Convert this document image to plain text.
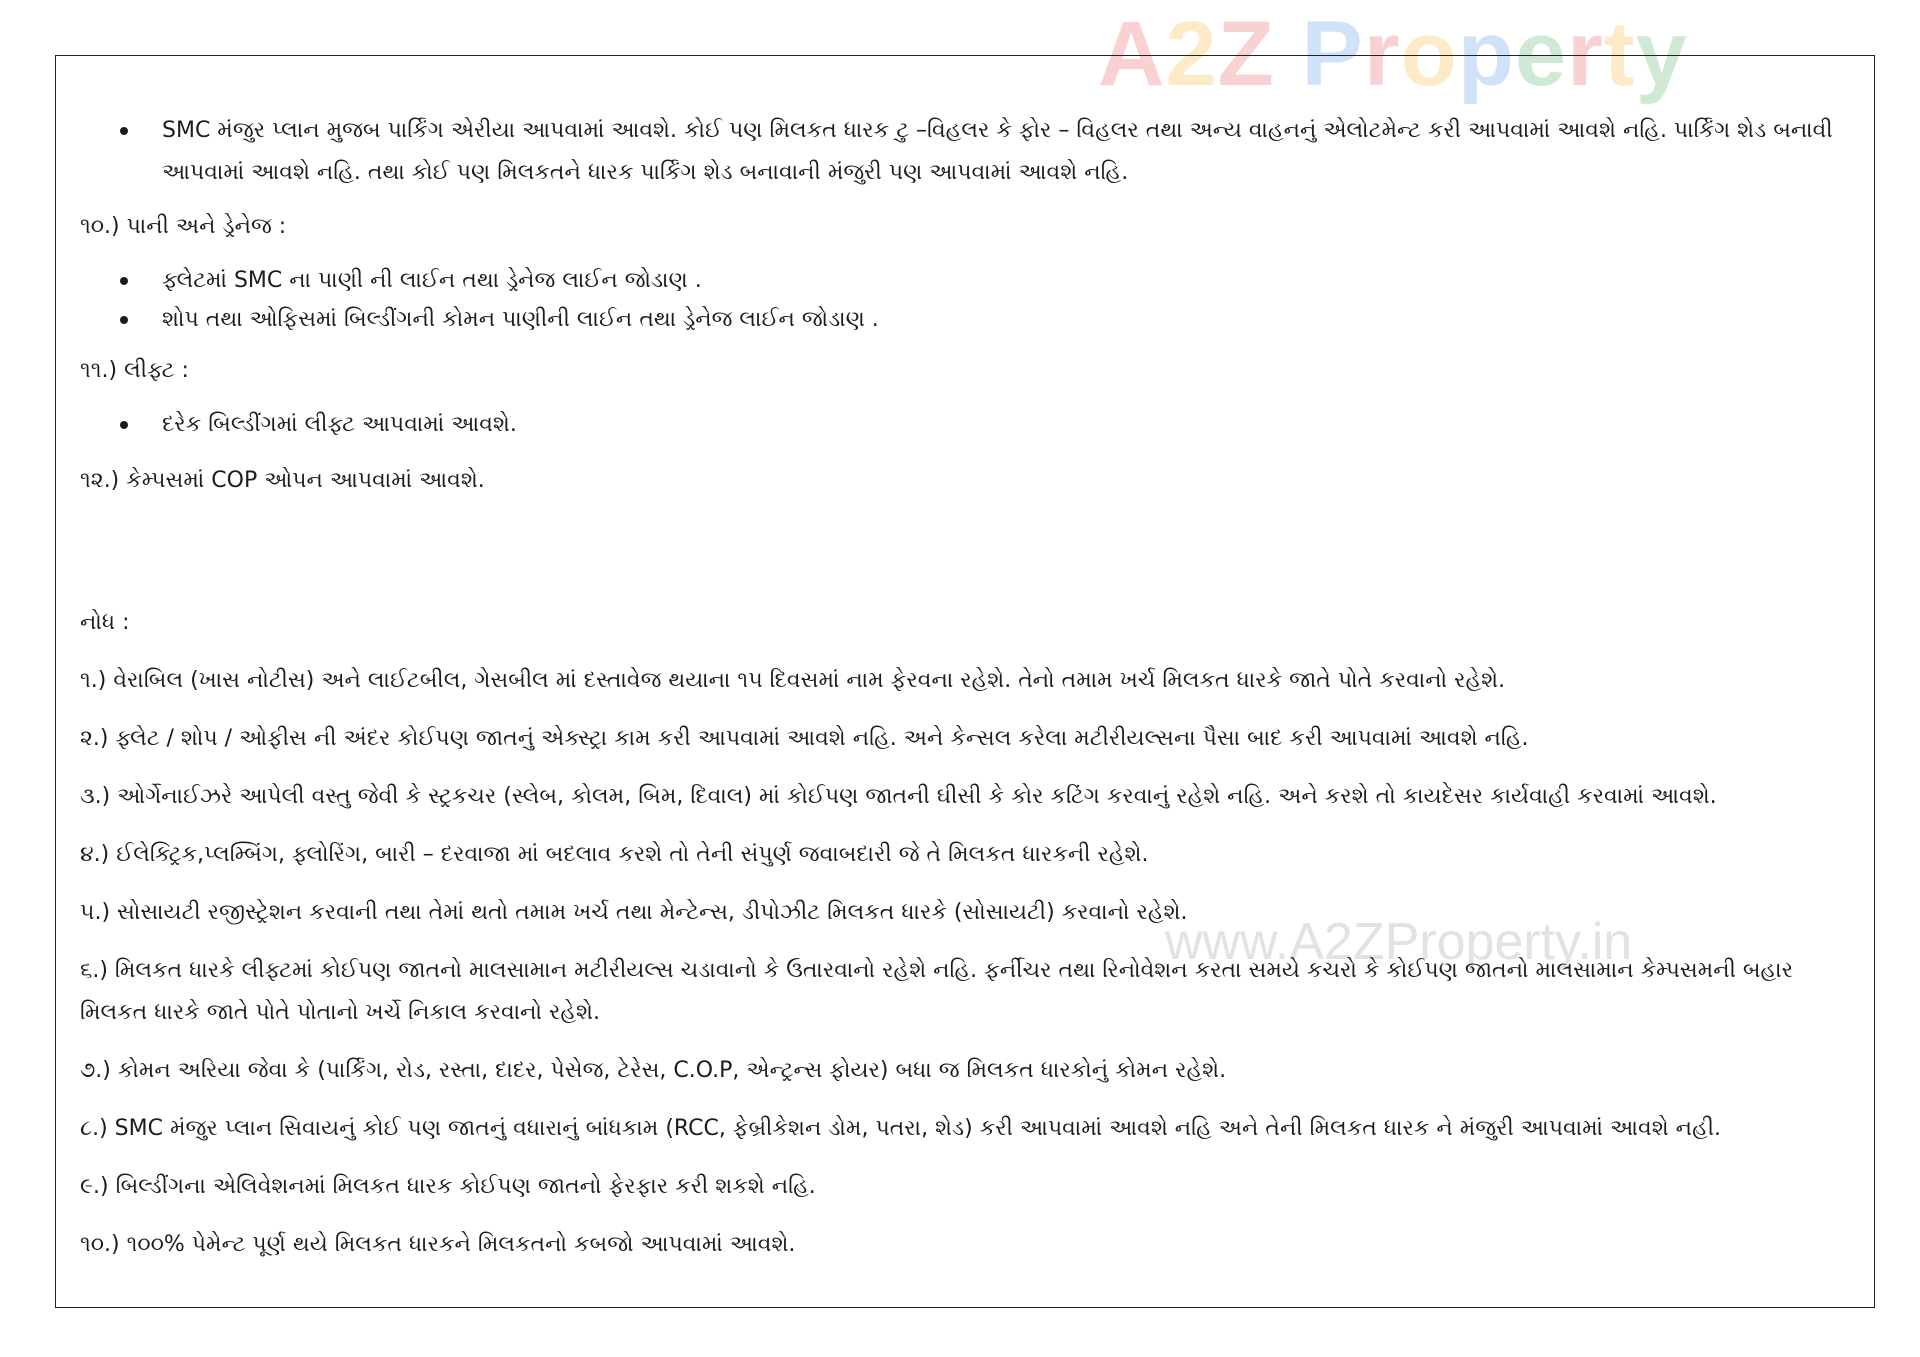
A2Z Property
www.A2ZProperty.in
SMC મંજુર પ્લાન મુજબ પાર્કિંગ એરીયા આપવામાં આવશે. કોઈ પણ મિલકત ધારક ટુ –વિહલર કે ફોર – વિહલર તથા અન્ય વાહનનું એલોટમેન્ટ કરી આપવામાં આવશે નહિ. પાર્કિંગ શેડ બનાવી આપવામાં આવશે નહિ. તથા કોઈ પણ મિલકતને ધારક પાર્કિંગ શેડ બનાવાની મંજુરી પણ આપવામાં આવશે નહિ.

૧૦.) પાની અને ડ્રેનેજ :

ફ્લેટમાં SMC ના પાણી ની લાઈન તથા ડ્રેનેજ લાઈન જોડાણ .
શોપ તથા ઓફિસમાં બિલ્ડીંગની કોમન પાણીની લાઈન તથા ડ્રેનેજ લાઈન જોડાણ .

૧૧.) લીફ્ટ :

દરેક બિલ્ડીંગમાં લીફ્ટ આપવામાં આવશે.

૧૨.) કેમ્પસમાં COP ઓપન આપવામાં આવશે.

નોધ :

૧.) વેરાબિલ (ખાસ નોટીસ) અને લાઈટબીલ, ગેસબીલ માં દસ્તાવેજ થયાના ૧૫ દિવસમાં નામ ફેરવના રહેશે. તેનો તમામ ખર્ચ મિલકત ધારકે જાતે પોતે કરવાનો રહેશે.

૨.) ફ્લેટ / શોપ / ઓફીસ ની અંદર કોઈપણ જાતનું એક્સ્ટ્રા કામ કરી આપવામાં આવશે નહિ. અને કેન્સલ કરેલા મટીરીયલ્સના પૈસા બાદ કરી આપવામાં આવશે નહિ.

૩.) ઓર્ગેનાઈઝરે આપેલી વસ્તુ જેવી કે સ્ટ્રકચર (સ્લેબ, કોલમ, બિમ, દિવાલ) માં કોઈપણ જાતની ઘીસી કે કોર કટિંગ કરવાનું રહેશે નહિ. અને કરશે તો કાયદેસર કાર્યવાહી કરવામાં આવશે.

૪.) ઈલેક્ટ્રિક,પ્લમ્બિંગ, ફ્લોરિંગ, બારી – દરવાજા માં બદલાવ કરશે તો તેની સંપુર્ણ જવાબદારી જે તે મિલકત ધારકની રહેશે.

૫.) સોસાયટી રજીસ્ટ્રેશન કરવાની તથા તેમાં થતો તમામ ખર્ચ તથા મેન્ટેન્સ, ડીપોઝીટ મિલકત ધારકે (સોસાયટી) કરવાનો રહેશે.

૬.) મિલકત ધારકે લીફ્ટમાં કોઈપણ જાતનો માલસામાન મટીરીયલ્સ ચડાવાનો કે ઉતારવાનો રહેશે નહિ. ફર્નીચર તથા રિનોવેશન કરતા સમયે કચરો કે કોઈપણ જાતનો માલસામાન કેમ્પસમની બહાર મિલકત ધારકે જાતે પોતે પોતાનો ખર્ચે નિકાલ કરવાનો રહેશે.

૭.) કોમન અરિયા જેવા કે (પાર્કિંગ, રોડ, રસ્તા, દાદર, પેસેજ, ટેરેસ, C.O.P, એન્ટ્રન્સ ફોયર) બધા જ મિલકત ધારકોનું કોમન રહેશે.

૮.) SMC મંજુર પ્લાન સિવાયનું કોઈ પણ જાતનું વધારાનું બાંધકામ (RCC, ફેબ્રીકેશન ડોમ, પતરા, શેડ) કરી આપવામાં આવશે નહિ અને તેની મિલકત ધારક ને મંજુરી આપવામાં આવશે નહી.

૯.) બિલ્ડીંગના એલિવેશનમાં મિલકત ધારક કોઈપણ જાતનો ફેરફાર કરી શકશે નહિ.

૧૦.) ૧૦૦% પેમેન્ટ પૂર્ણ થયે મિલકત ધારકને મિલકતનો કબજો આપવામાં આવશે.
